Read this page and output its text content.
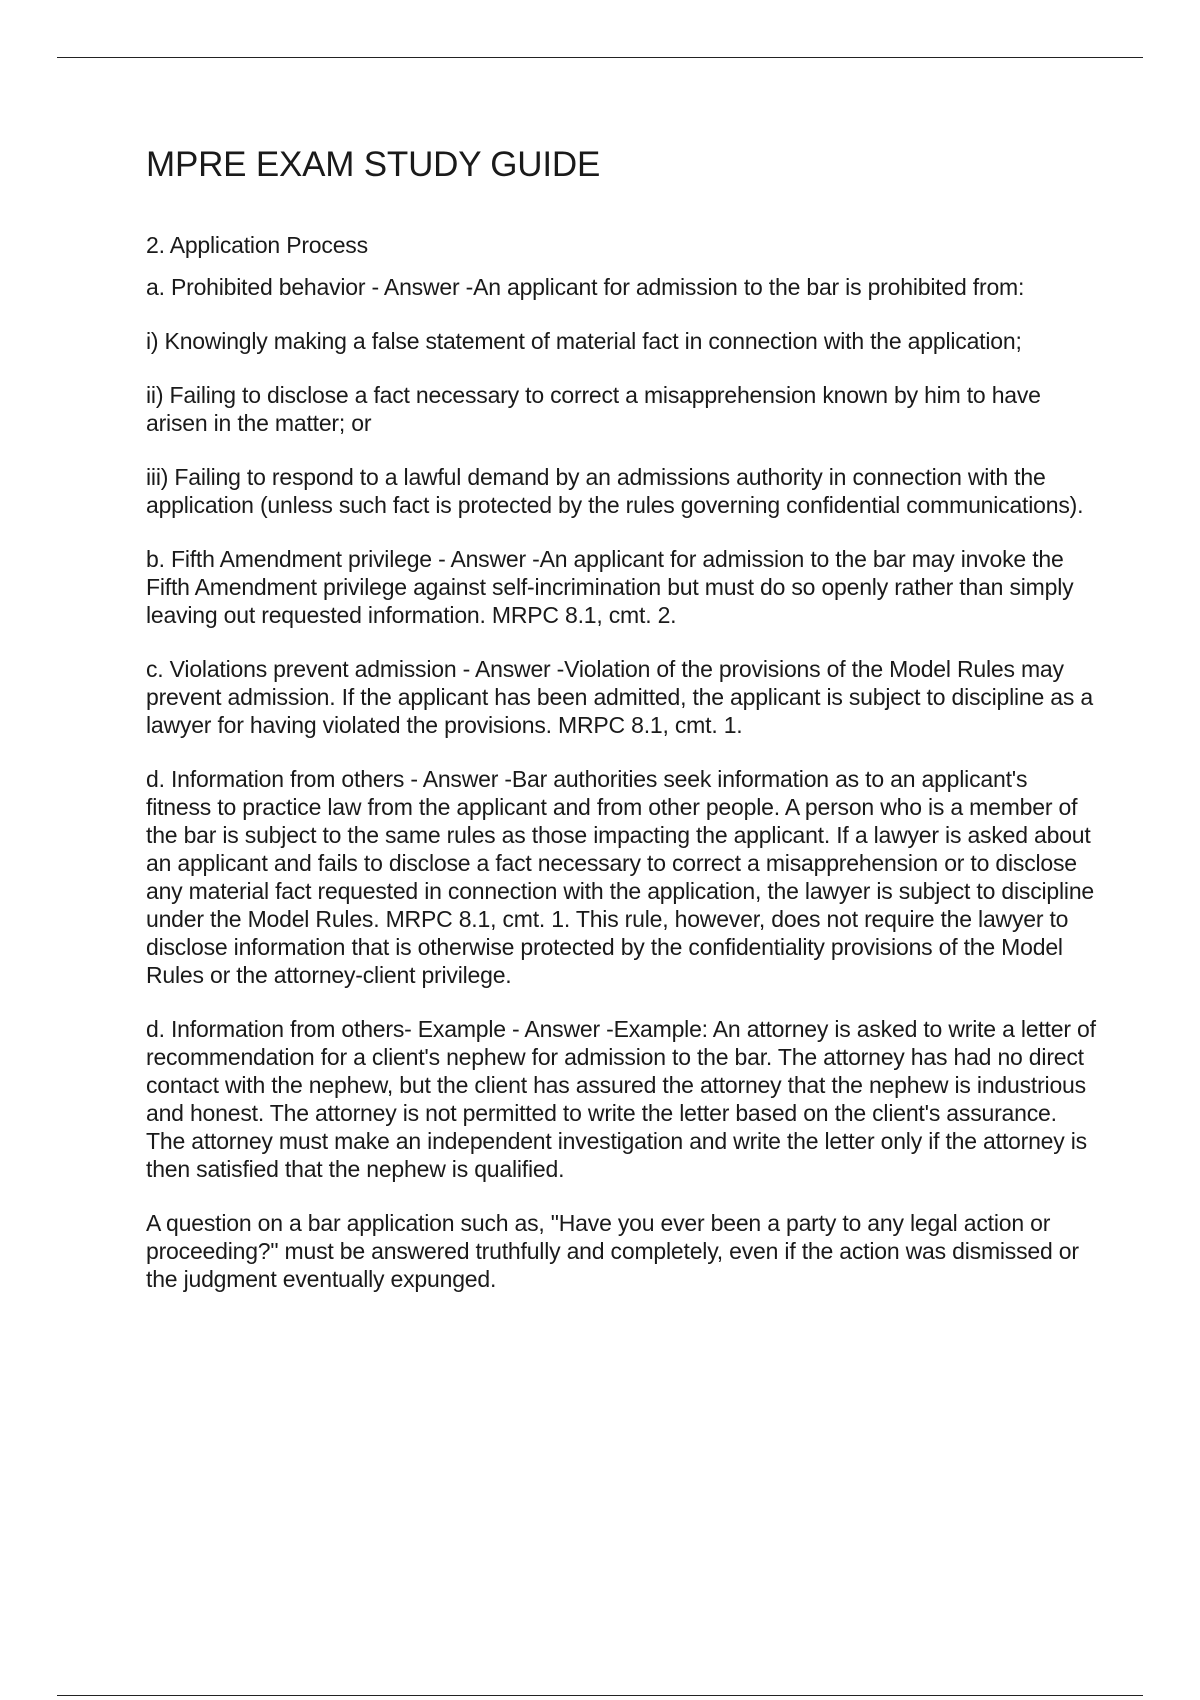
MPRE EXAM STUDY GUIDE

2. Application Process

a. Prohibited behavior - Answer -An applicant for admission to the bar is prohibited from:

i) Knowingly making a false statement of material fact in connection with the application;

ii) Failing to disclose a fact necessary to correct a misapprehension known by him to have arisen in the matter; or

iii) Failing to respond to a lawful demand by an admissions authority in connection with the application (unless such fact is protected by the rules governing confidential communications).

b. Fifth Amendment privilege - Answer -An applicant for admission to the bar may invoke the Fifth Amendment privilege against self-incrimination but must do so openly rather than simply leaving out requested information. MRPC 8.1, cmt. 2.

c. Violations prevent admission - Answer -Violation of the provisions of the Model Rules may prevent admission. If the applicant has been admitted, the applicant is subject to discipline as a lawyer for having violated the provisions. MRPC 8.1, cmt. 1.

d. Information from others - Answer -Bar authorities seek information as to an applicant's fitness to practice law from the applicant and from other people. A person who is a member of the bar is subject to the same rules as those impacting the applicant. If a lawyer is asked about an applicant and fails to disclose a fact necessary to correct a misapprehension or to disclose any material fact requested in connection with the application, the lawyer is subject to discipline under the Model Rules. MRPC 8.1, cmt. 1. This rule, however, does not require the lawyer to disclose information that is otherwise protected by the confidentiality provisions of the Model Rules or the attorney-client privilege.

d. Information from others- Example - Answer -Example: An attorney is asked to write a letter of recommendation for a client's nephew for admission to the bar. The attorney has had no direct contact with the nephew, but the client has assured the attorney that the nephew is industrious and honest. The attorney is not permitted to write the letter based on the client's assurance. The attorney must make an independent investigation and write the letter only if the attorney is then satisfied that the nephew is qualified.

A question on a bar application such as, "Have you ever been a party to any legal action or proceeding?" must be answered truthfully and completely, even if the action was dismissed or the judgment eventually expunged.
